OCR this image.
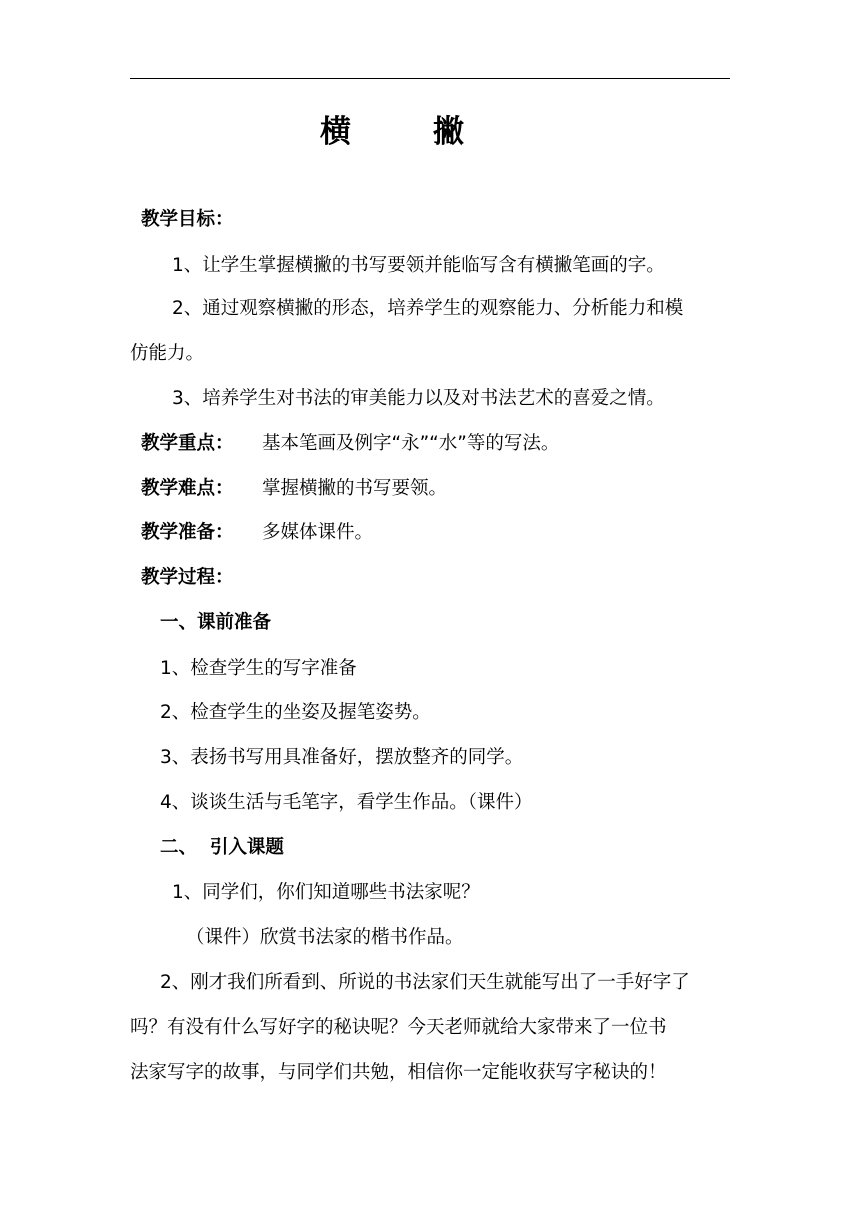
横	撇
教学目标：
1、让学生掌握横撇的书写要领并能临写含有横撇笔画的字。
2、通过观察横撇的形态，培养学生的观察能力、分析能力和模
仿能力。
3、培养学生对书法的审美能力以及对书法艺术的喜爱之情。
教学重点： 基本笔画及例字“永”“水”等的写法。
教学难点： 掌握横撇的书写要领。
教学准备： 多媒体课件。
教学过程：
一、课前准备
1、检查学生的写字准备
2、检查学生的坐姿及握笔姿势。
3、表扬书写用具准备好，摆放整齐的同学。
4、谈谈生活与毛笔字，看学生作品。（课件）
二、  引入课题
1、同学们，你们知道哪些书法家呢？
（课件）欣赏书法家的楷书作品。
2、刚才我们所看到、所说的书法家们天生就能写出了一手好字了
吗？有没有什么写好字的秘诀呢？今天老师就给大家带来了一位书
法家写字的故事，与同学们共勉，相信你一定能收获写字秘诀的！
